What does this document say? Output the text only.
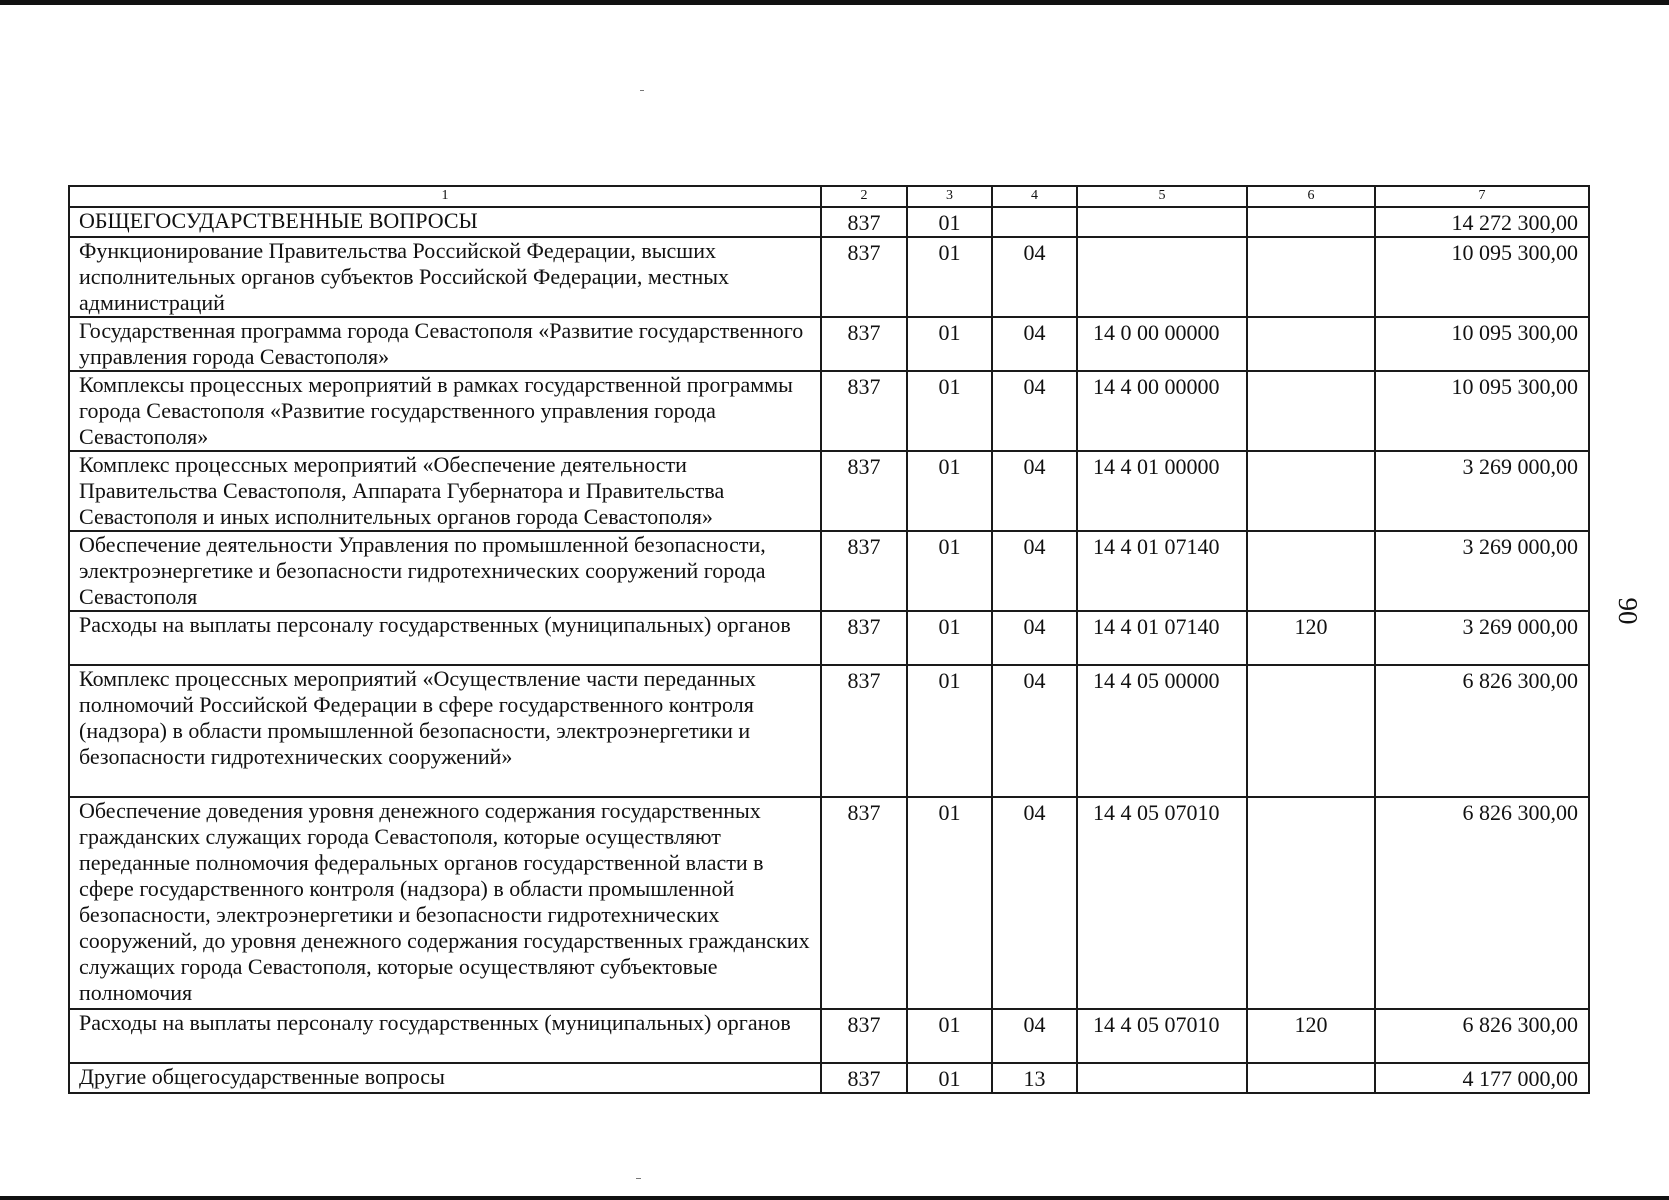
1	2	3	4	5	6	7
ОБЩЕГОСУДАРСТВЕННЫЕ ВОПРОСЫ	837	01				14 272 300,00
Функционирование Правительства Российской Федерации, высших исполнительных органов субъектов Российской Федерации, местных администраций	837	01	04			10 095 300,00
Государственная программа города Севастополя «Развитие государственного управления города Севастополя»	837	01	04	14 0 00 00000		10 095 300,00
Комплексы процессных мероприятий в рамках государственной программы города Севастополя «Развитие государственного управления города Севастополя»	837	01	04	14 4 00 00000		10 095 300,00
Комплекс процессных мероприятий «Обеспечение деятельности Правительства Севастополя, Аппарата Губернатора и Правительства Севастополя и иных исполнительных органов города Севастополя»	837	01	04	14 4 01 00000		3 269 000,00
Обеспечение деятельности Управления по промышленной безопасности, электроэнергетике и безопасности гидротехнических сооружений города Севастополя	837	01	04	14 4 01 07140		3 269 000,00
Расходы на выплаты персоналу государственных (муниципальных) органов	837	01	04	14 4 01 07140	120	3 269 000,00
Комплекс процессных мероприятий «Осуществление части переданных полномочий Российской Федерации в сфере государственного контроля (надзора) в области промышленной безопасности, электроэнергетики и безопасности гидротехнических сооружений»	837	01	04	14 4 05 00000		6 826 300,00
Обеспечение доведения уровня денежного содержания государственных гражданских служащих города Севастополя, которые осуществляют переданные полномочия федеральных органов государственной власти в сфере государственного контроля (надзора) в области промышленной безопасности, электроэнергетики и безопасности гидротехнических сооружений, до уровня денежного содержания государственных гражданских служащих города Севастополя, которые осуществляют субъектовые полномочия	837	01	04	14 4 05 07010		6 826 300,00
Расходы на выплаты персоналу государственных (муниципальных) органов	837	01	04	14 4 05 07010	120	6 826 300,00
Другие общегосударственные вопросы	837	01	13			4 177 000,00
90
